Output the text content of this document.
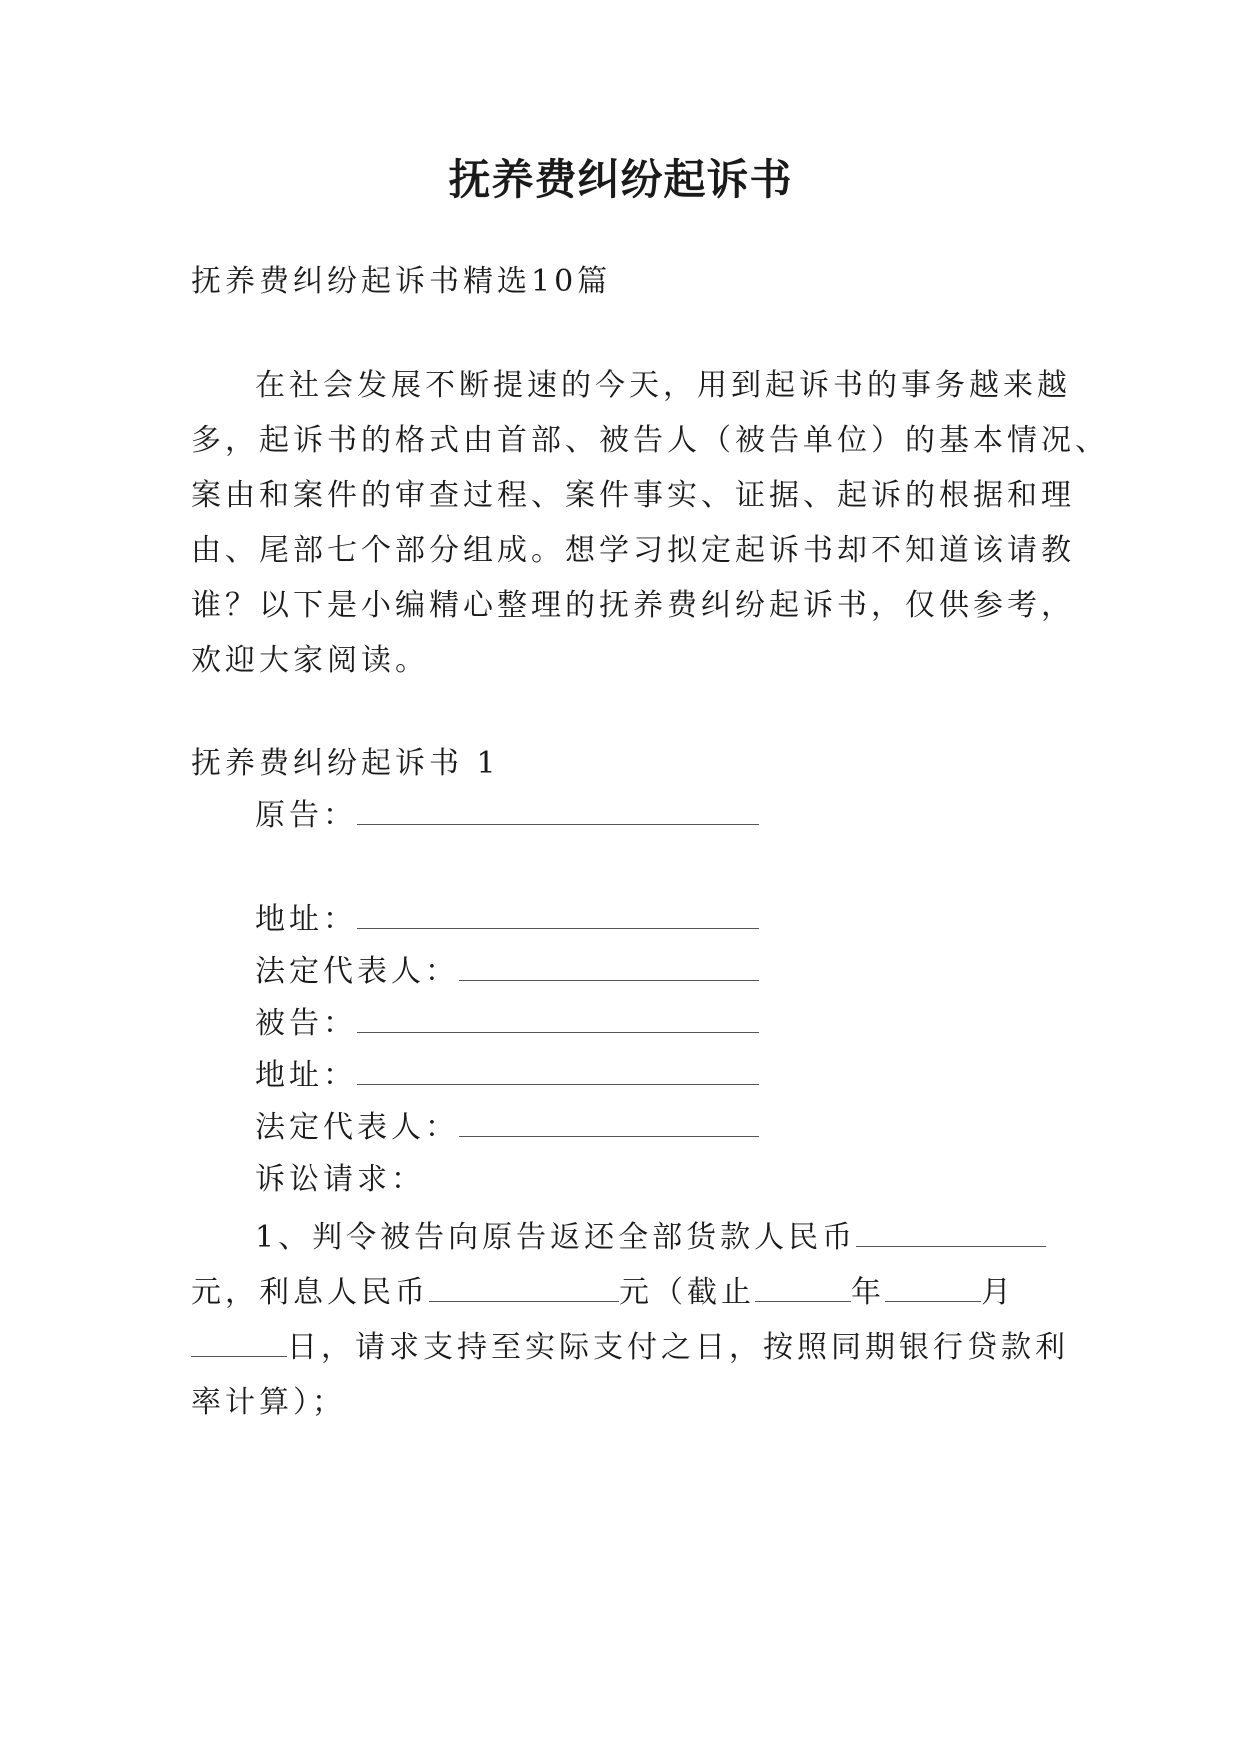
抚养费纠纷起诉书
抚养费纠纷起诉书精选10篇
在社会发展不断提速的今天，用到起诉书的事务越来越
多，起诉书的格式由首部、被告人（被告单位）的基本情况、
案由和案件的审查过程、案件事实、证据、起诉的根据和理
由、尾部七个部分组成。想学习拟定起诉书却不知道该请教
谁？以下是小编精心整理的抚养费纠纷起诉书，仅供参考，
欢迎大家阅读。
抚养费纠纷起诉书 1
原告：
地址：
法定代表人：
被告：
地址：
法定代表人：
诉讼请求：
1、判令被告向原告返还全部货款人民币
元，利息人民币	元（截止	年	月
日，请求支持至实际支付之日，按照同期银行贷款利
率计算）；
